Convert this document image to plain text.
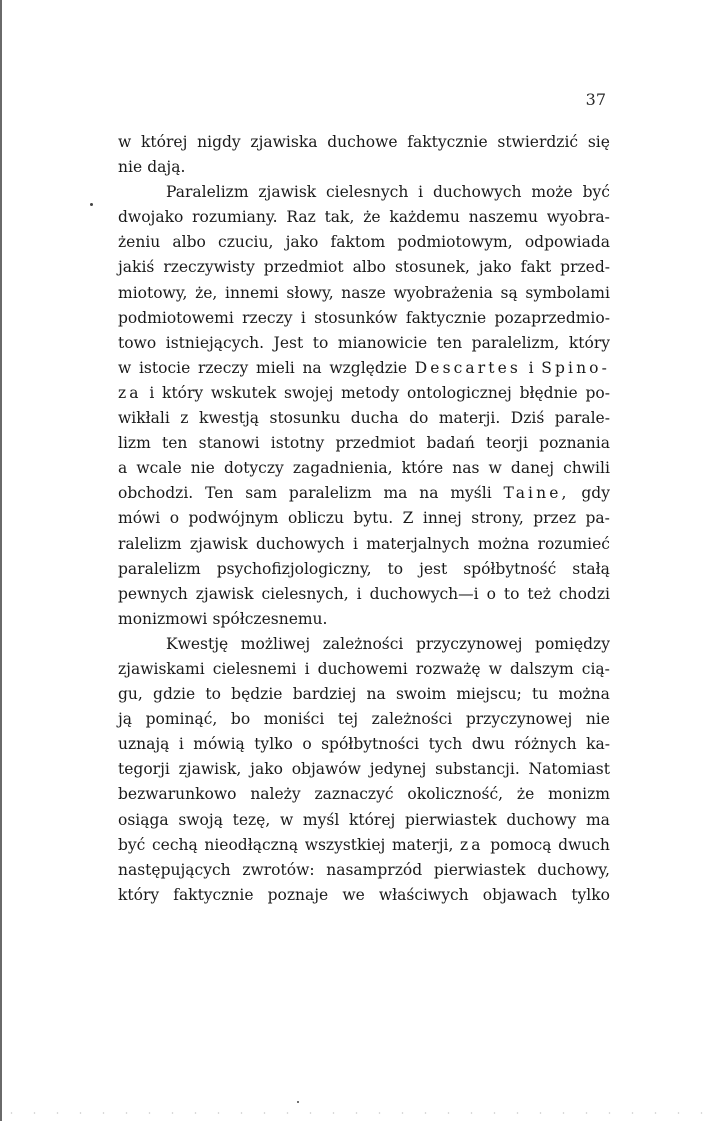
37
w której nigdy zjawiska duchowe faktycznie stwierdzić się
nie dają.
Paralelizm zjawisk cielesnych i duchowych może być
dwojako rozumiany. Raz tak, że każdemu naszemu wyobra-
żeniu albo czuciu, jako faktom podmiotowym, odpowiada
jakiś rzeczywisty przedmiot albo stosunek, jako fakt przed-
miotowy, że, innemi słowy, nasze wyobrażenia są symbolami
podmiotowemi rzeczy i stosunków faktycznie pozaprzedmio-
towo istniejących. Jest to mianowicie ten paralelizm, który
w istocie rzeczy mieli na względzie Descartes i Spino-
za i który wskutek swojej metody ontologicznej błędnie po-
wikłali z kwestją stosunku ducha do materji. Dziś parale-
lizm ten stanowi istotny przedmiot badań teorji poznania
a wcale nie dotyczy zagadnienia, które nas w danej chwili
obchodzi. Ten sam paralelizm ma na myśli Taine, gdy
mówi o podwójnym obliczu bytu. Z innej strony, przez pa-
ralelizm zjawisk duchowych i materjalnych można rozumieć
paralelizm psychofizjologiczny, to jest spółbytność stałą
pewnych zjawisk cielesnych, i duchowych—i o to też chodzi
monizmowi spółczesnemu.
Kwestję możliwej zależności przyczynowej pomiędzy
zjawiskami cielesnemi i duchowemi rozważę w dalszym cią-
gu, gdzie to będzie bardziej na swoim miejscu; tu można
ją pominąć, bo moniści tej zależności przyczynowej nie
uznają i mówią tylko o spółbytności tych dwu różnych ka-
tegorji zjawisk, jako objawów jedynej substancji. Natomiast
bezwarunkowo należy zaznaczyć okoliczność, że monizm
osiąga swoją tezę, w myśl której pierwiastek duchowy ma
być cechą nieodłączną wszystkiej materji, za pomocą dwuch
następujących zwrotów: nasamprzód pierwiastek duchowy,
który faktycznie poznaje we właściwych objawach tylko
